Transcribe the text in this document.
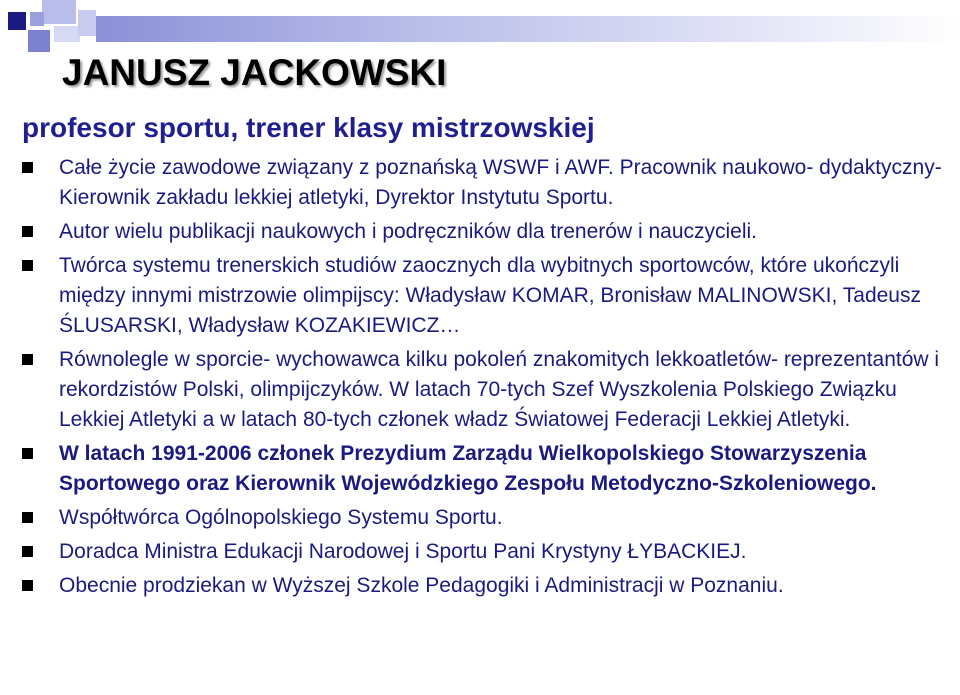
JANUSZ JACKOWSKI
profesor sportu, trener klasy mistrzowskiej
Całe życie zawodowe związany z poznańską WSWF i AWF. Pracownik naukowo- dydaktyczny- Kierownik zakładu lekkiej atletyki, Dyrektor Instytutu Sportu.
Autor wielu publikacji naukowych i podręczników dla trenerów i nauczycieli.
Twórca systemu trenerskich studiów zaocznych dla wybitnych sportowców, które ukończyli między innymi mistrzowie olimpijscy: Władysław KOMAR, Bronisław MALINOWSKI, Tadeusz ŚLUSARSKI, Władysław KOZAKIEWICZ…
Równolegle w sporcie- wychowawca kilku pokoleń znakomitych lekkoatletów- reprezentantów i rekordzistów Polski, olimpijczyków. W latach 70-tych Szef Wyszkolenia Polskiego Związku Lekkiej Atletyki a w latach 80-tych członek władz Światowej Federacji Lekkiej Atletyki.
W latach 1991-2006 członek Prezydium Zarządu Wielkopolskiego Stowarzyszenia Sportowego oraz Kierownik Wojewódzkiego Zespołu Metodyczno-Szkoleniowego.
Współtwórca Ogólnopolskiego Systemu Sportu.
Doradca Ministra Edukacji Narodowej i Sportu Pani Krystyny ŁYBACKIEJ.
Obecnie prodziekan w Wyższej Szkole Pedagogiki i Administracji w Poznaniu.
